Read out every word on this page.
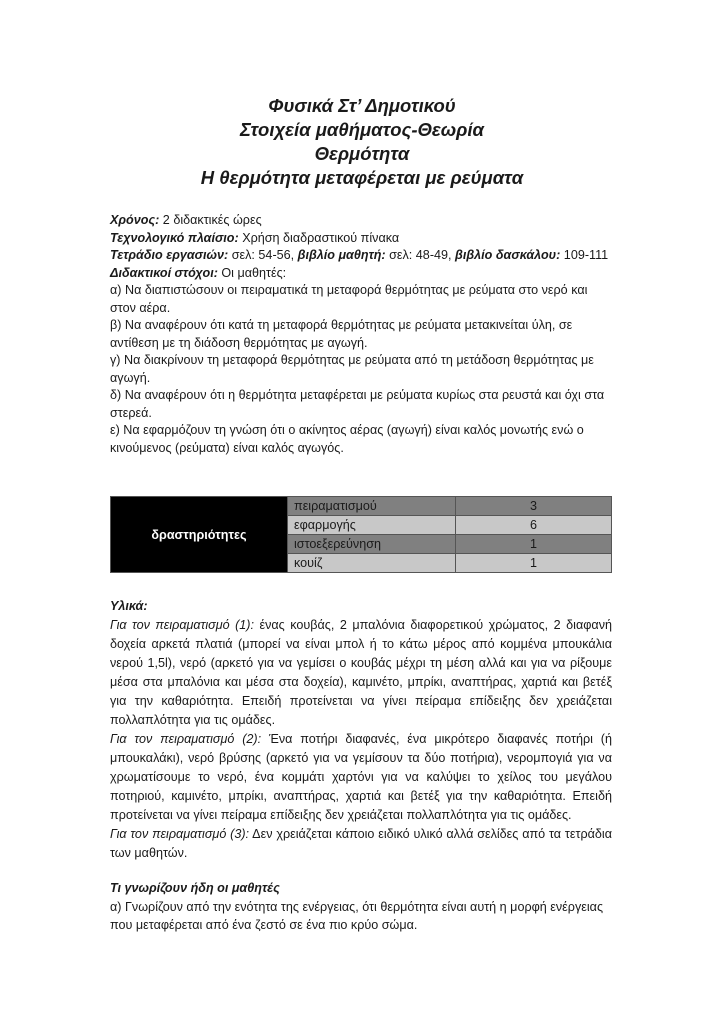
Φυσικά Στ’ Δημοτικού
Στοιχεία μαθήματος-Θεωρία
Θερμότητα
Η θερμότητα μεταφέρεται με ρεύματα

Χρόνος: 2 διδακτικές ώρες

Τεχνολογικό πλαίσιο: Χρήση διαδραστικού πίνακα

Τετράδιο εργασιών: σελ: 54-56, βιβλίο μαθητή: σελ: 48-49, βιβλίο δασκάλου: 109-111

Διδακτικοί στόχοι: Οι μαθητές:

α) Να διαπιστώσουν οι πειραματικά τη μεταφορά θερμότητας με ρεύματα στο νερό και στον αέρα.

β) Να αναφέρουν ότι κατά τη μεταφορά θερμότητας με ρεύματα μετακινείται ύλη, σε αντίθεση με τη διάδοση θερμότητας με αγωγή.

γ) Να διακρίνουν τη μεταφορά θερμότητας με ρεύματα από τη μετάδοση θερμότητας με αγωγή.

δ) Να αναφέρουν ότι η θερμότητα μεταφέρεται με ρεύματα κυρίως στα ρευστά και όχι στα στερεά.

ε) Να εφαρμόζουν τη γνώση ότι ο ακίνητος αέρας (αγωγή) είναι καλός μονωτής ενώ ο κινούμενος (ρεύματα) είναι καλός αγωγός.

δραστηριότητες	πειραματισμού	3
	εφαρμογής	6
	ιστοεξερεύνηση	1
	κουίζ	1

Υλικά:

Για τον πειραματισμό (1): ένας κουβάς, 2 μπαλόνια διαφορετικού χρώματος, 2 διαφανή δοχεία αρκετά πλατιά (μπορεί να είναι μπολ ή το κάτω μέρος από κομμένα μπουκάλια νερού 1,5l), νερό (αρκετό για να γεμίσει ο κουβάς μέχρι τη μέση αλλά και για να ρίξουμε μέσα στα μπαλόνια και μέσα στα δοχεία), καμινέτο, μπρίκι, αναπτήρας, χαρτιά και βετέξ για την καθαριότητα. Επειδή προτείνεται να γίνει πείραμα επίδειξης δεν χρειάζεται πολλαπλότητα για τις ομάδες.

Για τον πειραματισμό (2): Ένα ποτήρι διαφανές, ένα μικρότερο διαφανές ποτήρι (ή μπουκαλάκι), νερό βρύσης (αρκετό για να γεμίσουν τα δύο ποτήρια), νερομπογιά για να χρωματίσουμε το νερό, ένα κομμάτι χαρτόνι για να καλύψει το χείλος του μεγάλου ποτηριού, καμινέτο, μπρίκι, αναπτήρας, χαρτιά και βετέξ για την καθαριότητα. Επειδή προτείνεται να γίνει πείραμα επίδειξης δεν χρειάζεται πολλαπλότητα για τις ομάδες.

Για τον πειραματισμό (3): Δεν χρειάζεται κάποιο ειδικό υλικό αλλά σελίδες από τα τετράδια των μαθητών.

Τι γνωρίζουν ήδη οι μαθητές

α) Γνωρίζουν από την ενότητα της ενέργειας, ότι θερμότητα είναι αυτή η μορφή ενέργειας που μεταφέρεται από ένα ζεστό σε ένα πιο κρύο σώμα.
